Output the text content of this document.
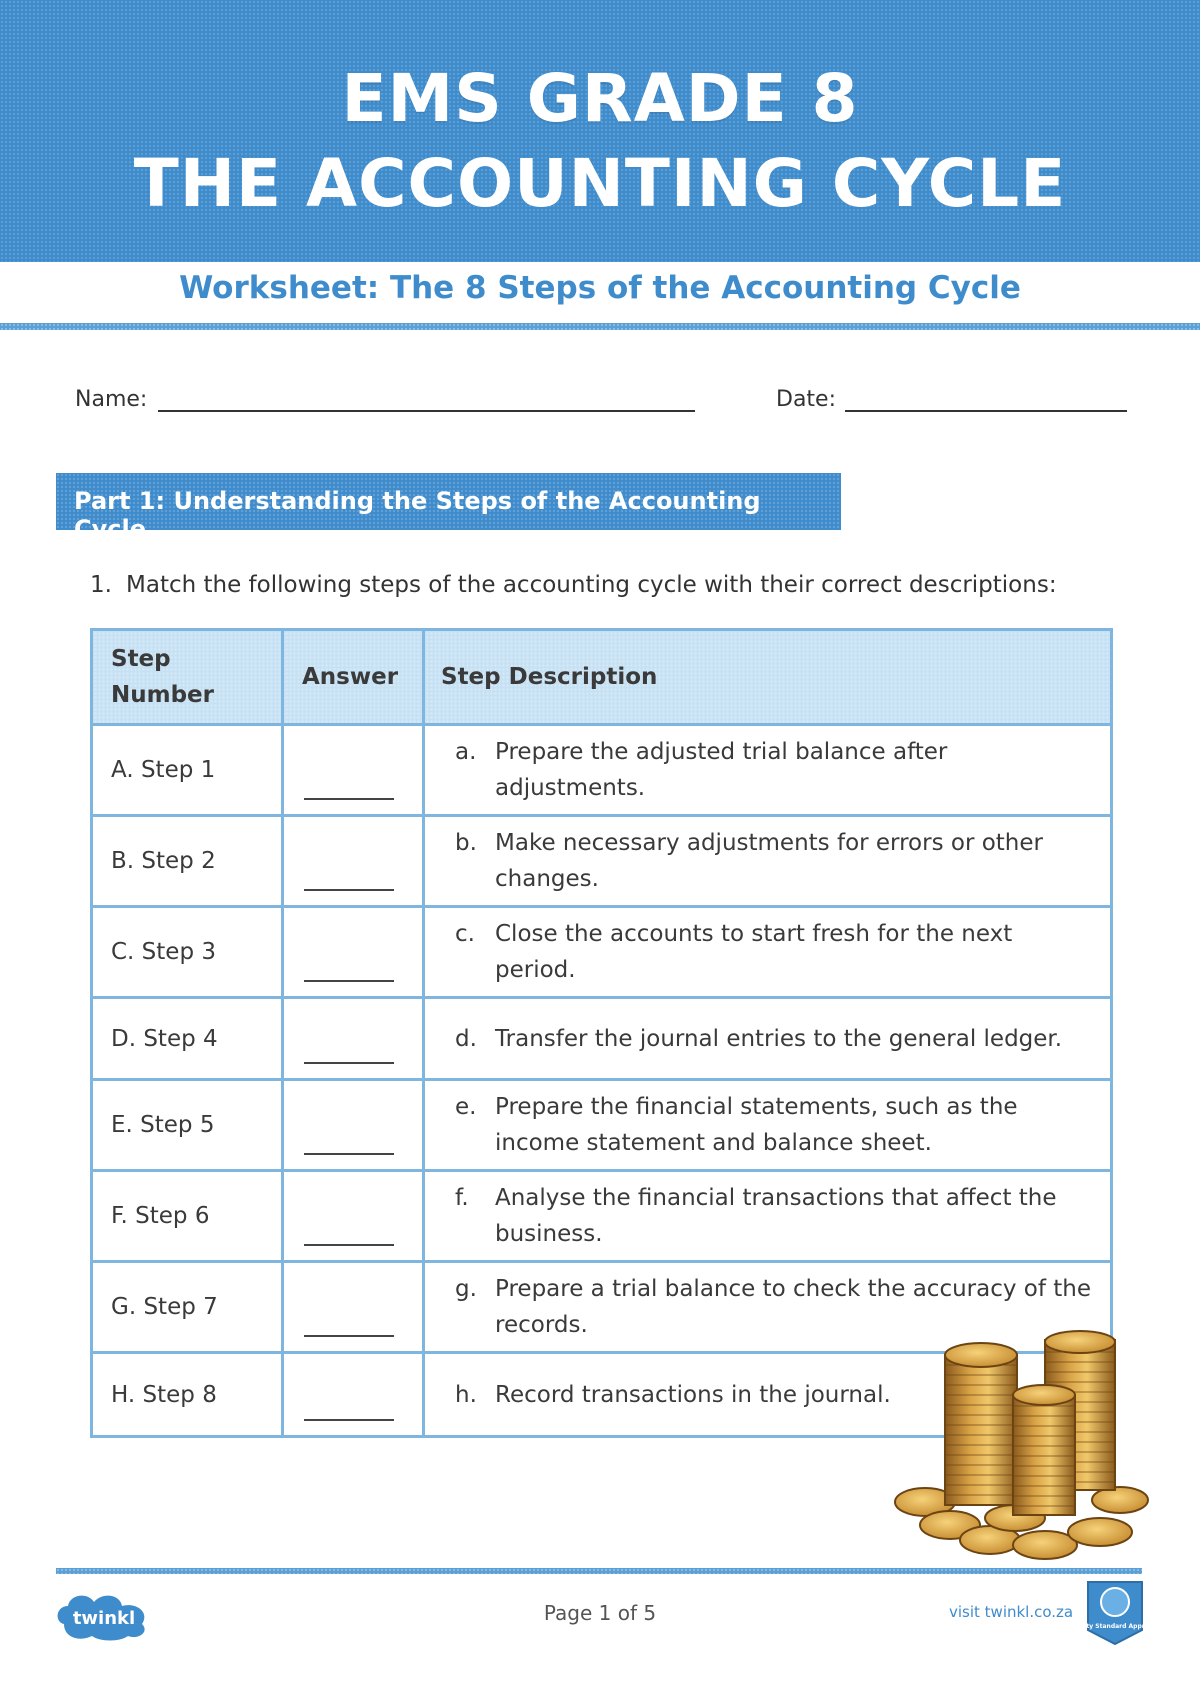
EMS GRADE 8
THE ACCOUNTING CYCLE
Worksheet: The 8 Steps of the Accounting Cycle
Name:	Date:
Part 1: Understanding the Steps of the Accounting Cycle
1. Match the following steps of the accounting cycle with their correct descriptions:
Step Number	Answer	Step Description
A. Step 1		a. Prepare the adjusted trial balance after adjustments.

B. Step 2		b. Make necessary adjustments for errors or other changes.

C. Step 3		c. Close the accounts to start fresh for the next period.

D. Step 4		d. Transfer the journal entries to the general ledger.

E. Step 5		e. Prepare the financial statements, such as the income statement and balance sheet.

F. Step 6		f. Analyse the financial transactions that affect the business.

G. Step 7		g. Prepare a trial balance to check the accuracy of the records.

H. Step 8		h. Record transactions in the journal.
twinkl	Page 1 of 5	visit twinkl.co.za
Quality Standard Approved
